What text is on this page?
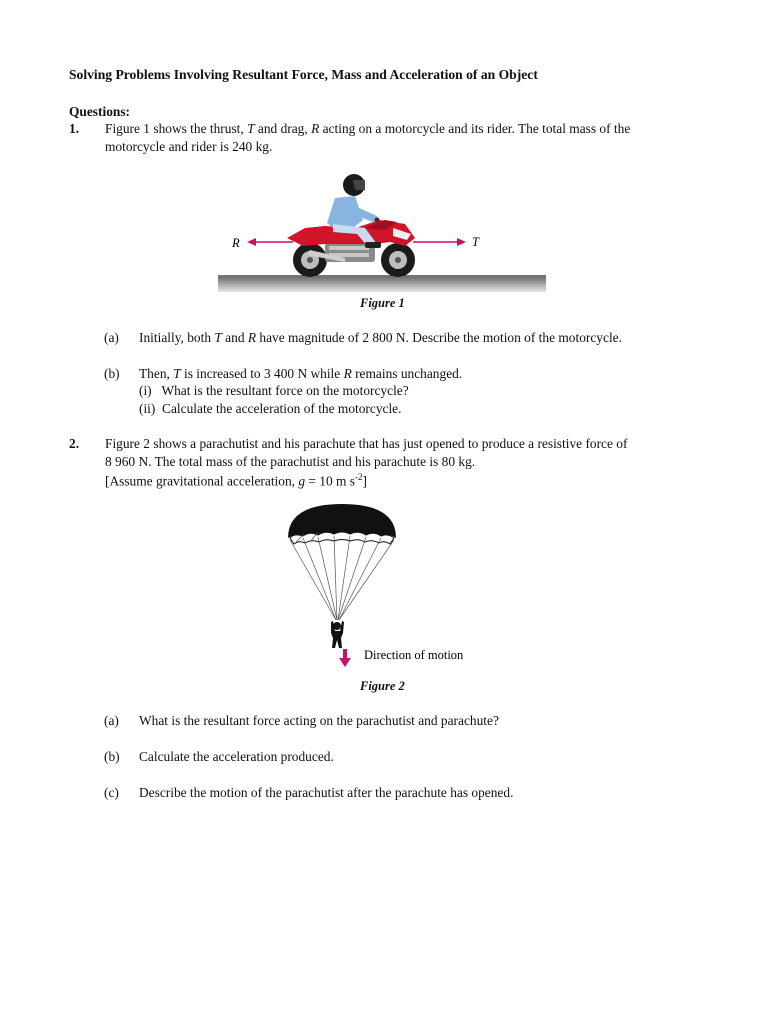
Solving Problems Involving Resultant Force, Mass and Acceleration of an Object
Questions:
1. Figure 1 shows the thrust, T and drag, R acting on a motorcycle and its rider. The total mass of the
motorcycle and rider is 240 kg.
R	T
Figure 1
(a) Initially, both T and R have magnitude of 2 800 N. Describe the motion of the motorcycle.
(b) Then, T is increased to 3 400 N while R remains unchanged.
(i)   What is the resultant force on the motorcycle?
(ii)  Calculate the acceleration of the motorcycle.
2. Figure 2 shows a parachutist and his parachute that has just opened to produce a resistive force of
8 960 N. The total mass of the parachutist and his parachute is 80 kg.
[Assume gravitational acceleration, g = 10 m $s^{-2}$]
Direction of motion
Figure 2
(a) What is the resultant force acting on the parachutist and parachute?
(b) Calculate the acceleration produced.
(c) Describe the motion of the parachutist after the parachute has opened.
